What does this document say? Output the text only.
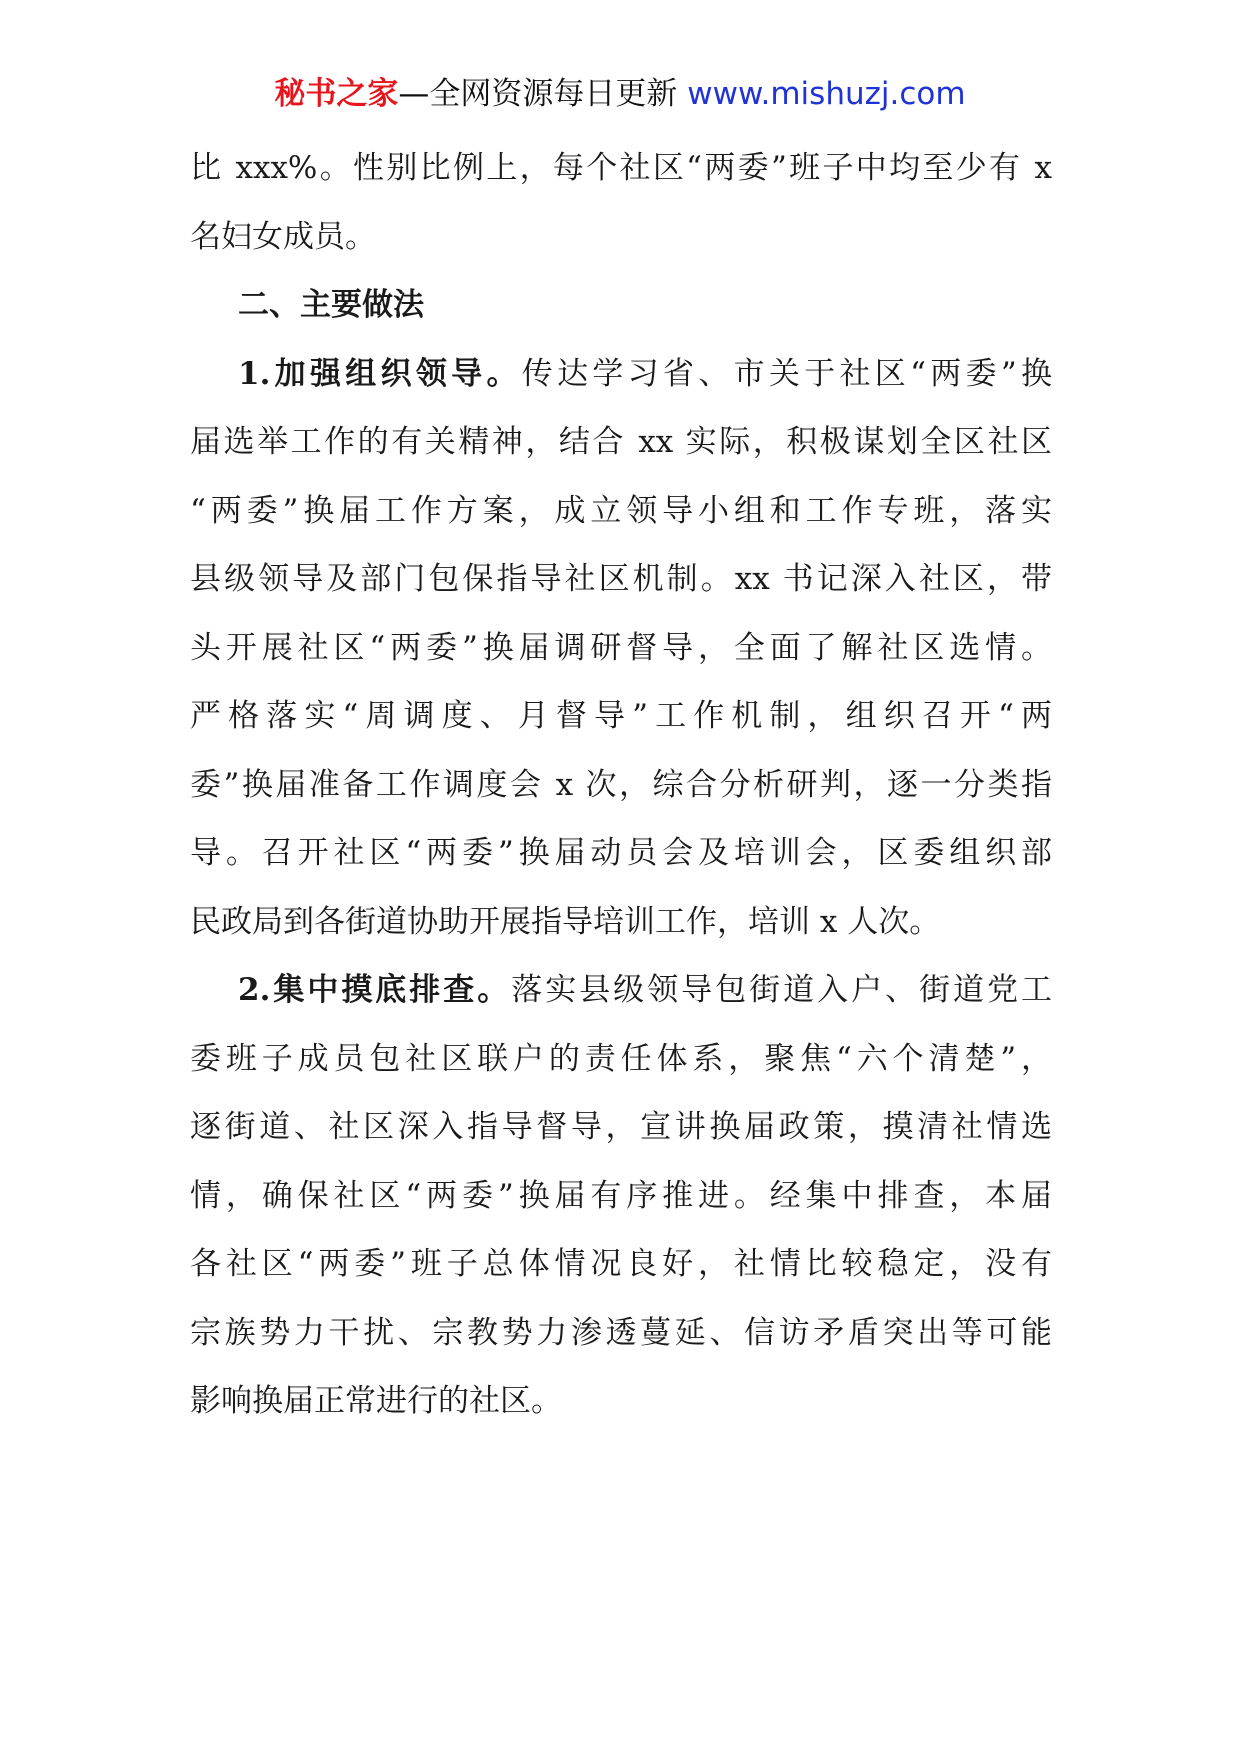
秘书之家—全网资源每日更新 www.mishuzj.com
比 xxx%。性别比例上，每个社区“两委”班子中均至少有 x
名妇女成员。
二、主要做法
1.加强组织领导。传达学习省、市关于社区“两委”换
届选举工作的有关精神，结合 xx 实际，积极谋划全区社区
“两委”换届工作方案，成立领导小组和工作专班，落实
县级领导及部门包保指导社区机制。xx 书记深入社区，带
头开展社区“两委”换届调研督导，全面了解社区选情。
严格落实“周调度、月督导”工作机制，组织召开“两
委”换届准备工作调度会 x 次，综合分析研判，逐一分类指
导。召开社区“两委”换届动员会及培训会，区委组织部
民政局到各街道协助开展指导培训工作，培训 x 人次。
2.集中摸底排查。落实县级领导包街道入户、街道党工
委班子成员包社区联户的责任体系，聚焦“六个清楚”，
逐街道、社区深入指导督导，宣讲换届政策，摸清社情选
情，确保社区“两委”换届有序推进。经集中排查，本届
各社区“两委”班子总体情况良好，社情比较稳定，没有
宗族势力干扰、宗教势力渗透蔓延、信访矛盾突出等可能
影响换届正常进行的社区。
